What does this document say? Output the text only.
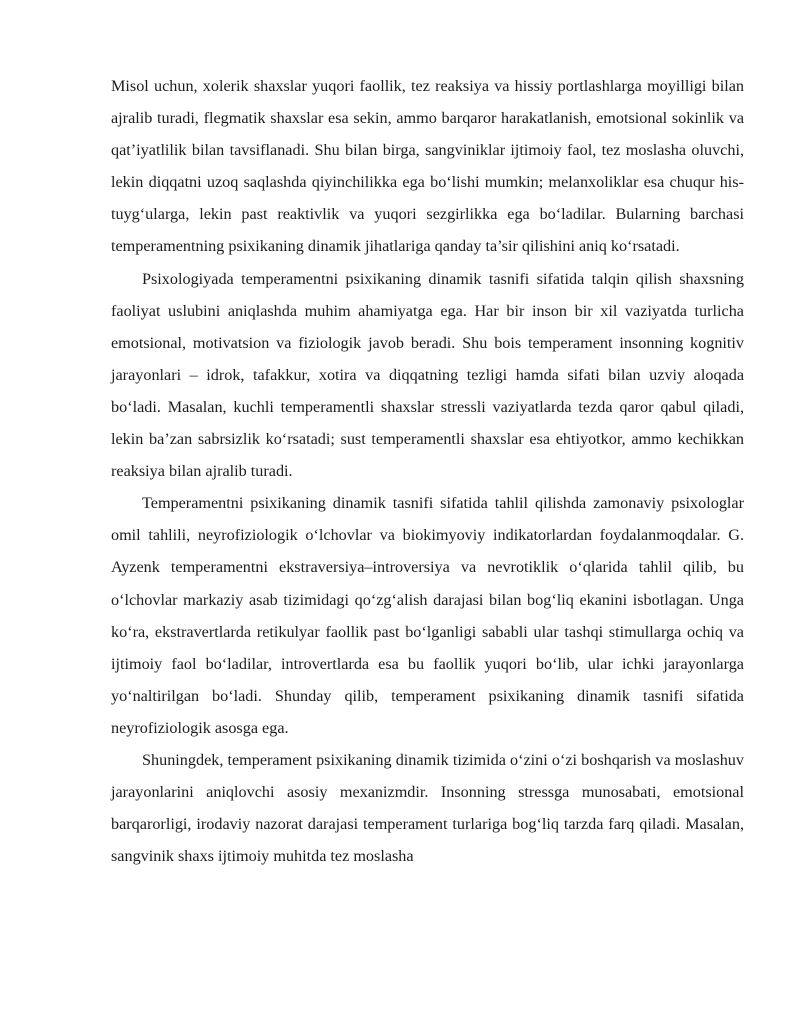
Misol uchun, xolerik shaxslar yuqori faollik, tez reaksiya va hissiy portlashlarga moyilligi bilan ajralib turadi, flegmatik shaxslar esa sekin, ammo barqaror harakatlanish, emotsional sokinlik va qat’iyatlilik bilan tavsiflanadi. Shu bilan birga, sangviniklar ijtimoiy faol, tez moslasha oluvchi, lekin diqqatni uzoq saqlashda qiyinchilikka ega bo‘lishi mumkin; melanxoliklar esa chuqur his-tuyg‘ularga, lekin past reaktivlik va yuqori sezgirlikka ega bo‘ladilar. Bularning barchasi temperamentning psixikaning dinamik jihatlariga qanday ta’sir qilishini aniq ko‘rsatadi.

Psixologiyada temperamentni psixikaning dinamik tasnifi sifatida talqin qilish shaxsning faoliyat uslubini aniqlashda muhim ahamiyatga ega. Har bir inson bir xil vaziyatda turlicha emotsional, motivatsion va fiziologik javob beradi. Shu bois temperament insonning kognitiv jarayonlari – idrok, tafakkur, xotira va diqqatning tezligi hamda sifati bilan uzviy aloqada bo‘ladi. Masalan, kuchli temperamentli shaxslar stressli vaziyatlarda tezda qaror qabul qiladi, lekin ba’zan sabrsizlik ko‘rsatadi; sust temperamentli shaxslar esa ehtiyotkor, ammo kechikkan reaksiya bilan ajralib turadi.

Temperamentni psixikaning dinamik tasnifi sifatida tahlil qilishda zamonaviy psixologlar omil tahlili, neyrofiziologik o‘lchovlar va biokimyoviy indikatorlardan foydalanmoqdalar. G. Ayzenk temperamentni ekstraversiya–introversiya va nevrotiklik o‘qlarida tahlil qilib, bu o‘lchovlar markaziy asab tizimidagi qo‘zg‘alish darajasi bilan bog‘liq ekanini isbotlagan. Unga ko‘ra, ekstravertlarda retikulyar faollik past bo‘lganligi sababli ular tashqi stimullarga ochiq va ijtimoiy faol bo‘ladilar, introvertlarda esa bu faollik yuqori bo‘lib, ular ichki jarayonlarga yo‘naltirilgan bo‘ladi. Shunday qilib, temperament psixikaning dinamik tasnifi sifatida neyrofiziologik asosga ega.

Shuningdek, temperament psixikaning dinamik tizimida o‘zini o‘zi boshqarish va moslashuv jarayonlarini aniqlovchi asosiy mexanizmdir. Insonning stressga munosabati, emotsional barqarorligi, irodaviy nazorat darajasi temperament turlariga bog‘liq tarzda farq qiladi. Masalan, sangvinik shaxs ijtimoiy muhitda tez moslasha
